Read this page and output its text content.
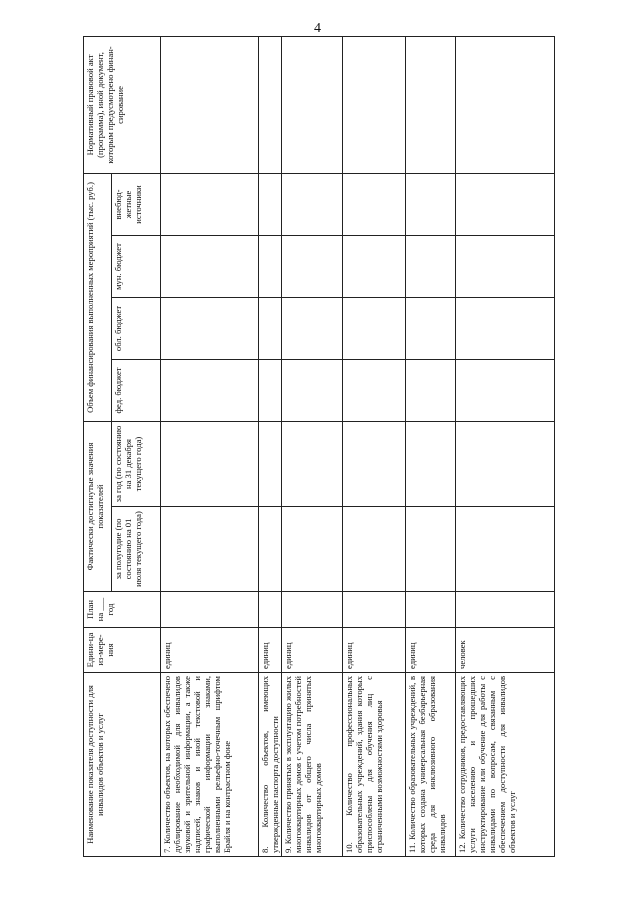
4
Наименование показателя доступности для инвалидов объектов и услуг	Едини-ца из-мере-ния	План на ___ год	Фактически достигнутые значения показателей		Объем финансирования выполненных мероприятий (тыс. руб.)				Нормативный правовой акт (программа), иной документ, которым предусмотрено финан-сирование
			за полугодие (по состоянию на 01 июля текущего года)	за год (по состоянию на 31 декабря текущего года)	фед. бюджет	обл. бюджет	мун. бюджет	внебюд-жетные источники	
7. Количество объектов, на которых обеспечено дублирование необходимой для инвалидов звуковой и зрительной информации, а также надписей, знаков и иной текстовой и графической информации знаками, выполненными рельефно-точечным шрифтом Брайля и на контрастном фоне	единиц								
8. Количество объектов, имеющих утвержденные паспорта доступности	единиц								
9. Количество принятых в эксплуатацию жилых многоквартирных домов с учетом потребностей инвалидов от общего числа принятых многоквартирных домов	единиц								
10. Количество профессиональных образовательных учреждений, здания которых приспособлены для обучения лиц с ограниченными возможностями здоровья	единиц								
11. Количество образовательных учреждений, в которых создана универсальная безбарьерная среда для инклюзивного образования инвалидов	единиц								
12. Количество сотрудников, предоставляющих услуги населению и прошедших инструктирование или обучение для работы с инвалидами по вопросам, связанным с обеспечением доступности для инвалидов объектов и услуг	человек								
